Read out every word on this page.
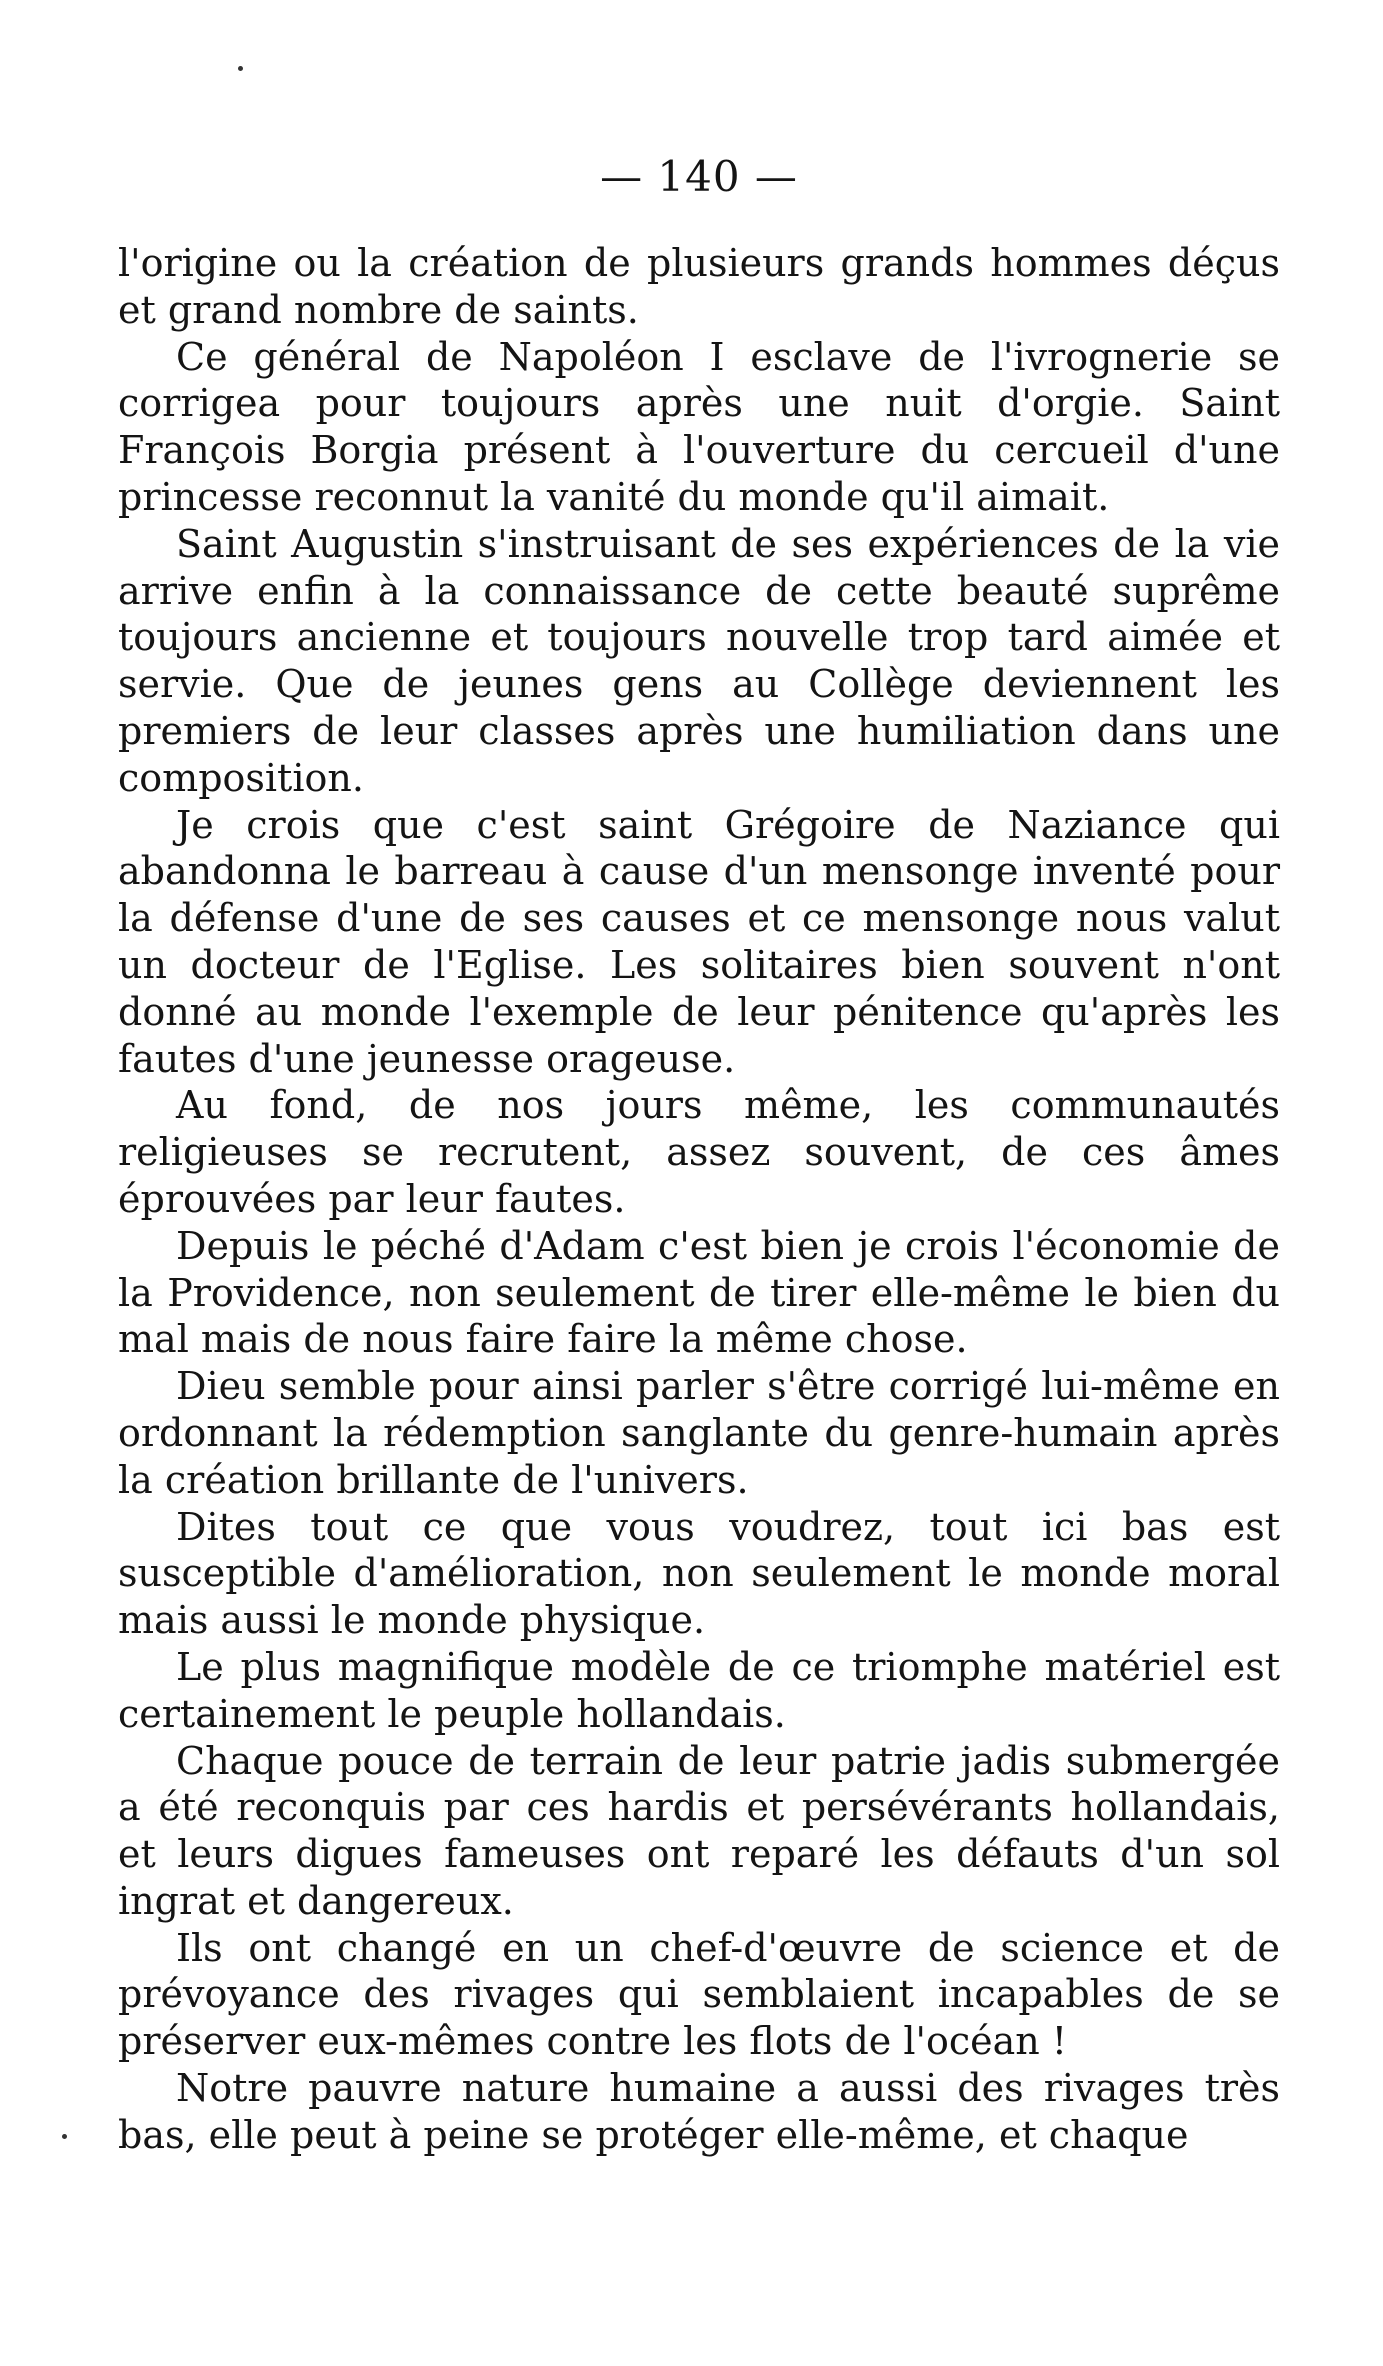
— 140 —

l'origine ou la création de plusieurs grands hommes déçus et grand nombre de saints.

Ce général de Napoléon I esclave de l'ivrognerie se corrigea pour toujours après une nuit d'orgie. Saint François Borgia présent à l'ouverture du cercueil d'une princesse reconnut la vanité du monde qu'il aimait.

Saint Augustin s'instruisant de ses expériences de la vie arrive enfin à la connaissance de cette beauté suprême toujours ancienne et toujours nouvelle trop tard aimée et servie. Que de jeunes gens au Collège deviennent les premiers de leur classes après une humiliation dans une composition.

Je crois que c'est saint Grégoire de Naziance qui abandonna le barreau à cause d'un mensonge inventé pour la défense d'une de ses causes et ce mensonge nous valut un docteur de l'Eglise. Les solitaires bien souvent n'ont donné au monde l'exemple de leur pénitence qu'après les fautes d'une jeunesse orageuse.

Au fond, de nos jours même, les communautés religieuses se recrutent, assez souvent, de ces âmes éprouvées par leur fautes.

Depuis le péché d'Adam c'est bien je crois l'économie de la Providence, non seulement de tirer elle-même le bien du mal mais de nous faire faire la même chose.

Dieu semble pour ainsi parler s'être corrigé lui-même en ordonnant la rédemption sanglante du genre-humain après la création brillante de l'univers.

Dites tout ce que vous voudrez, tout ici bas est susceptible d'amélioration, non seulement le monde moral mais aussi le monde physique.

Le plus magnifique modèle de ce triomphe matériel est certainement le peuple hollandais.

Chaque pouce de terrain de leur patrie jadis submergée a été reconquis par ces hardis et persévérants hollandais, et leurs digues fameuses ont reparé les défauts d'un sol ingrat et dangereux.

Ils ont changé en un chef-d'œuvre de science et de prévoyance des rivages qui semblaient incapables de se préserver eux-mêmes contre les flots de l'océan !

Notre pauvre nature humaine a aussi des rivages très bas, elle peut à peine se protéger elle-même, et chaque
